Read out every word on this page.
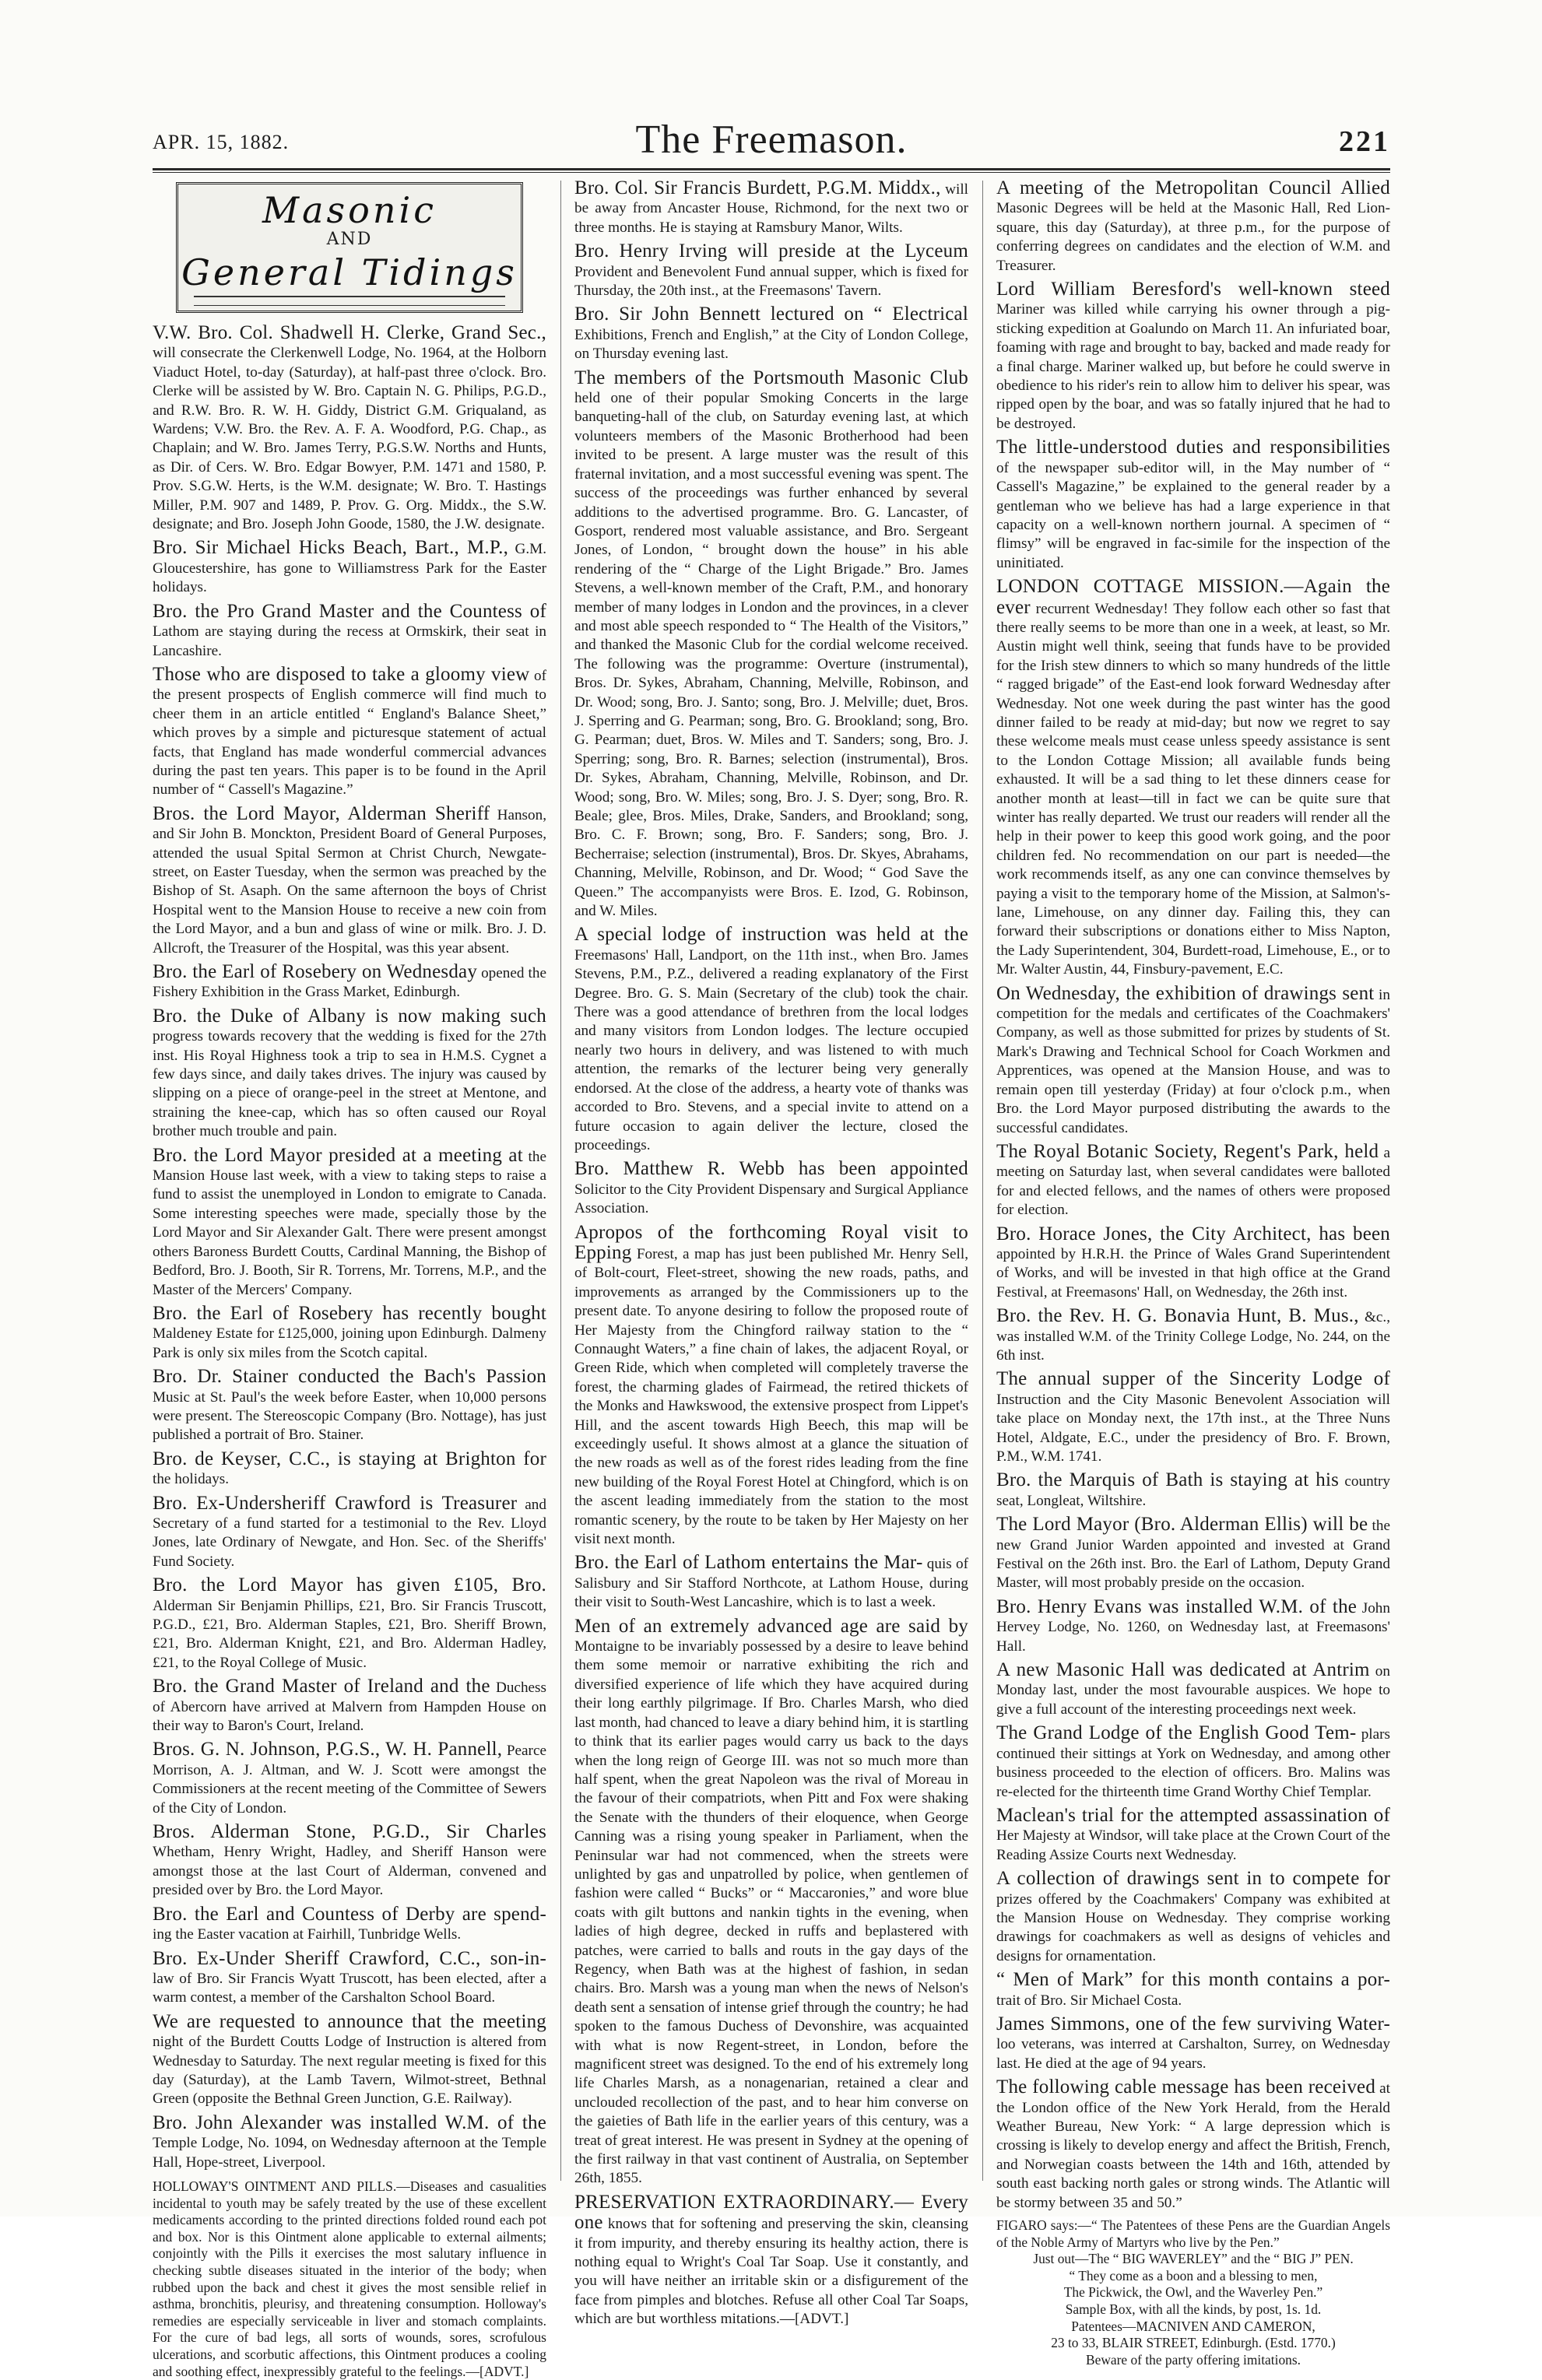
APR. 15, 1882.	The Freemason.	221
Masonic
AND
General Tidings

V.W. Bro. Col. Shadwell H. Clerke, Grand Sec., will consecrate the Clerkenwell Lodge, No. 1964, at the Holborn Viaduct Hotel, to-day (Saturday), at half-past three o'clock. Bro. Clerke will be assisted by W. Bro. Captain N. G. Philips, P.G.D., and R.W. Bro. R. W. H. Giddy, District G.M. Griqualand, as Wardens; V.W. Bro. the Rev. A. F. A. Woodford, P.G. Chap., as Chaplain; and W. Bro. James Terry, P.G.S.W. Norths and Hunts, as Dir. of Cers. W. Bro. Edgar Bowyer, P.M. 1471 and 1580, P. Prov. S.G.W. Herts, is the W.M. designate; W. Bro. T. Hastings Miller, P.M. 907 and 1489, P. Prov. G. Org. Middx., the S.W. designate; and Bro. Joseph John Goode, 1580, the J.W. designate.

Bro. Sir Michael Hicks Beach, Bart., M.P., G.M. Gloucestershire, has gone to Williamstress Park for the Easter holidays.

Bro. the Pro Grand Master and the Countess of Lathom are staying during the recess at Ormskirk, their seat in Lancashire.

Those who are disposed to take a gloomy view of the present prospects of English commerce will find much to cheer them in an article entitled “ England's Balance Sheet,” which proves by a simple and picturesque statement of actual facts, that England has made wonderful commercial advances during the past ten years. This paper is to be found in the April number of “ Cassell's Magazine.”

Bros. the Lord Mayor, Alderman Sheriff Hanson, and Sir John B. Monckton, President Board of General Purposes, attended the usual Spital Sermon at Christ Church, Newgate-street, on Easter Tuesday, when the sermon was preached by the Bishop of St. Asaph. On the same afternoon the boys of Christ Hospital went to the Mansion House to receive a new coin from the Lord Mayor, and a bun and glass of wine or milk. Bro. J. D. Allcroft, the Treasurer of the Hospital, was this year absent.

Bro. the Earl of Rosebery on Wednesday opened the Fishery Exhibition in the Grass Market, Edinburgh.

Bro. the Duke of Albany is now making such progress towards recovery that the wedding is fixed for the 27th inst. His Royal Highness took a trip to sea in H.M.S. Cygnet a few days since, and daily takes drives. The injury was caused by slipping on a piece of orange-peel in the street at Mentone, and straining the knee-cap, which has so often caused our Royal brother much trouble and pain.

Bro. the Lord Mayor presided at a meeting at the Mansion House last week, with a view to taking steps to raise a fund to assist the unemployed in London to emigrate to Canada. Some interesting speeches were made, specially those by the Lord Mayor and Sir Alexander Galt. There were present amongst others Baroness Burdett Coutts, Cardinal Manning, the Bishop of Bedford, Bro. J. Booth, Sir R. Torrens, Mr. Torrens, M.P., and the Master of the Mercers' Company.

Bro. the Earl of Rosebery has recently bought Maldeney Estate for £125,000, joining upon Edinburgh. Dalmeny Park is only six miles from the Scotch capital.

Bro. Dr. Stainer conducted the Bach's Passion Music at St. Paul's the week before Easter, when 10,000 persons were present. The Stereoscopic Company (Bro. Nottage), has just published a portrait of Bro. Stainer.

Bro. de Keyser, C.C., is staying at Brighton for the holidays.

Bro. Ex-Undersheriff Crawford is Treasurer and Secretary of a fund started for a testimonial to the Rev. Lloyd Jones, late Ordinary of Newgate, and Hon. Sec. of the Sheriffs' Fund Society.

Bro. the Lord Mayor has given £105, Bro. Alderman Sir Benjamin Phillips, £21, Bro. Sir Francis Truscott, P.G.D., £21, Bro. Alderman Staples, £21, Bro. Sheriff Brown, £21, Bro. Alderman Knight, £21, and Bro. Alderman Hadley, £21, to the Royal College of Music.

Bro. the Grand Master of Ireland and the Duchess of Abercorn have arrived at Malvern from Hampden House on their way to Baron's Court, Ireland.

Bros. G. N. Johnson, P.G.S., W. H. Pannell, Pearce Morrison, A. J. Altman, and W. J. Scott were amongst the Commissioners at the recent meeting of the Committee of Sewers of the City of London.

Bros. Alderman Stone, P.G.D., Sir Charles Whetham, Henry Wright, Hadley, and Sheriff Hanson were amongst those at the last Court of Alderman, convened and presided over by Bro. the Lord Mayor.

Bro. the Earl and Countess of Derby are spend- ing the Easter vacation at Fairhill, Tunbridge Wells.

Bro. Ex-Under Sheriff Crawford, C.C., son-in- law of Bro. Sir Francis Wyatt Truscott, has been elected, after a warm contest, a member of the Carshalton School Board.

We are requested to announce that the meeting night of the Burdett Coutts Lodge of Instruction is altered from Wednesday to Saturday. The next regular meeting is fixed for this day (Saturday), at the Lamb Tavern, Wilmot-street, Bethnal Green (opposite the Bethnal Green Junction, G.E. Railway).

Bro. John Alexander was installed W.M. of the Temple Lodge, No. 1094, on Wednesday afternoon at the Temple Hall, Hope-street, Liverpool.

HOLLOWAY'S OINTMENT AND PILLS.—Diseases and casualities incidental to youth may be safely treated by the use of these excellent medicaments according to the printed directions folded round each pot and box. Nor is this Ointment alone applicable to external ailments; conjointly with the Pills it exercises the most salutary influence in checking subtle diseases situated in the interior of the body; when rubbed upon the back and chest it gives the most sensible relief in asthma, bronchitis, pleurisy, and threatening consumption. Holloway's remedies are especially serviceable in liver and stomach complaints. For the cure of bad legs, all sorts of wounds, sores, scrofulous ulcerations, and scorbutic affections, this Ointment produces a cooling and soothing effect, inexpressibly grateful to the feelings.—[ADVT.]

Bro. Col. Sir Francis Burdett, P.G.M. Middx., will be away from Ancaster House, Richmond, for the next two or three months. He is staying at Ramsbury Manor, Wilts.

Bro. Henry Irving will preside at the Lyceum Provident and Benevolent Fund annual supper, which is fixed for Thursday, the 20th inst., at the Freemasons' Tavern.

Bro. Sir John Bennett lectured on “ Electrical Exhibitions, French and English,” at the City of London College, on Thursday evening last.

The members of the Portsmouth Masonic Club held one of their popular Smoking Concerts in the large banqueting-hall of the club, on Saturday evening last, at which volunteers members of the Masonic Brotherhood had been invited to be present. A large muster was the result of this fraternal invitation, and a most successful evening was spent. The success of the proceedings was further enhanced by several additions to the advertised programme. Bro. G. Lancaster, of Gosport, rendered most valuable assistance, and Bro. Sergeant Jones, of London, “ brought down the house” in his able rendering of the “ Charge of the Light Brigade.” Bro. James Stevens, a well-known member of the Craft, P.M., and honorary member of many lodges in London and the provinces, in a clever and most able speech responded to “ The Health of the Visitors,” and thanked the Masonic Club for the cordial welcome received. The following was the programme: Overture (instrumental), Bros. Dr. Sykes, Abraham, Channing, Melville, Robinson, and Dr. Wood; song, Bro. J. Santo; song, Bro. J. Melville; duet, Bros. J. Sperring and G. Pearman; song, Bro. G. Brookland; song, Bro. G. Pearman; duet, Bros. W. Miles and T. Sanders; song, Bro. J. Sperring; song, Bro. R. Barnes; selection (instrumental), Bros. Dr. Sykes, Abraham, Channing, Melville, Robinson, and Dr. Wood; song, Bro. W. Miles; song, Bro. J. S. Dyer; song, Bro. R. Beale; glee, Bros. Miles, Drake, Sanders, and Brookland; song, Bro. C. F. Brown; song, Bro. F. Sanders; song, Bro. J. Becherraise; selection (instrumental), Bros. Dr. Skyes, Abrahams, Channing, Melville, Robinson, and Dr. Wood; “ God Save the Queen.” The accompanyists were Bros. E. Izod, G. Robinson, and W. Miles.

A special lodge of instruction was held at the Freemasons' Hall, Landport, on the 11th inst., when Bro. James Stevens, P.M., P.Z., delivered a reading explanatory of the First Degree. Bro. G. S. Main (Secretary of the club) took the chair. There was a good attendance of brethren from the local lodges and many visitors from London lodges. The lecture occupied nearly two hours in delivery, and was listened to with much attention, the remarks of the lecturer being very generally endorsed. At the close of the address, a hearty vote of thanks was accorded to Bro. Stevens, and a special invite to attend on a future occasion to again deliver the lecture, closed the proceedings.

Bro. Matthew R. Webb has been appointed Solicitor to the City Provident Dispensary and Surgical Appliance Association.

Apropos of the forthcoming Royal visit to Epping Forest, a map has just been published Mr. Henry Sell, of Bolt-court, Fleet-street, showing the new roads, paths, and improvements as arranged by the Commissioners up to the present date. To anyone desiring to follow the proposed route of Her Majesty from the Chingford railway station to the “ Connaught Waters,” a fine chain of lakes, the adjacent Royal, or Green Ride, which when completed will completely traverse the forest, the charming glades of Fairmead, the retired thickets of the Monks and Hawkswood, the extensive prospect from Lippet's Hill, and the ascent towards High Beech, this map will be exceedingly useful. It shows almost at a glance the situation of the new roads as well as of the forest rides leading from the fine new building of the Royal Forest Hotel at Chingford, which is on the ascent leading immediately from the station to the most romantic scenery, by the route to be taken by Her Majesty on her visit next month.

Bro. the Earl of Lathom entertains the Mar- quis of Salisbury and Sir Stafford Northcote, at Lathom House, during their visit to South-West Lancashire, which is to last a week.

Men of an extremely advanced age are said by Montaigne to be invariably possessed by a desire to leave behind them some memoir or narrative exhibiting the rich and diversified experience of life which they have acquired during their long earthly pilgrimage. If Bro. Charles Marsh, who died last month, had chanced to leave a diary behind him, it is startling to think that its earlier pages would carry us back to the days when the long reign of George III. was not so much more than half spent, when the great Napoleon was the rival of Moreau in the favour of their compatriots, when Pitt and Fox were shaking the Senate with the thunders of their eloquence, when George Canning was a rising young speaker in Parliament, when the Peninsular war had not commenced, when the streets were unlighted by gas and unpatrolled by police, when gentlemen of fashion were called “ Bucks” or “ Maccaronies,” and wore blue coats with gilt buttons and nankin tights in the evening, when ladies of high degree, decked in ruffs and beplastered with patches, were carried to balls and routs in the gay days of the Regency, when Bath was at the highest of fashion, in sedan chairs. Bro. Marsh was a young man when the news of Nelson's death sent a sensation of intense grief through the country; he had spoken to the famous Duchess of Devonshire, was acquainted with what is now Regent-street, in London, before the magnificent street was designed. To the end of his extremely long life Charles Marsh, as a nonagenarian, retained a clear and unclouded recollection of the past, and to hear him converse on the gaieties of Bath life in the earlier years of this century, was a treat of great interest. He was present in Sydney at the opening of the first railway in that vast continent of Australia, on September 26th, 1855.

PRESERVATION EXTRAORDINARY.— Every one knows that for softening and preserving the skin, cleansing it from impurity, and thereby ensuring its healthy action, there is nothing equal to Wright's Coal Tar Soap. Use it constantly, and you will have neither an irritable skin or a disfigurement of the face from pimples and blotches. Refuse all other Coal Tar Soaps, which are but worthless mitations.—[ADVT.]

A meeting of the Metropolitan Council Allied Masonic Degrees will be held at the Masonic Hall, Red Lion-square, this day (Saturday), at three p.m., for the purpose of conferring degrees on candidates and the election of W.M. and Treasurer.

Lord William Beresford's well-known steed Mariner was killed while carrying his owner through a pig-sticking expedition at Goalundo on March 11. An infuriated boar, foaming with rage and brought to bay, backed and made ready for a final charge. Mariner walked up, but before he could swerve in obedience to his rider's rein to allow him to deliver his spear, was ripped open by the boar, and was so fatally injured that he had to be destroyed.

The little-understood duties and responsibilities of the newspaper sub-editor will, in the May number of “ Cassell's Magazine,” be explained to the general reader by a gentleman who we believe has had a large experience in that capacity on a well-known northern journal. A specimen of “ flimsy” will be engraved in fac-simile for the inspection of the uninitiated.

LONDON COTTAGE MISSION.—Again the ever recurrent Wednesday! They follow each other so fast that there really seems to be more than one in a week, at least, so Mr. Austin might well think, seeing that funds have to be provided for the Irish stew dinners to which so many hundreds of the little “ ragged brigade” of the East-end look forward Wednesday after Wednesday. Not one week during the past winter has the good dinner failed to be ready at mid-day; but now we regret to say these welcome meals must cease unless speedy assistance is sent to the London Cottage Mission; all available funds being exhausted. It will be a sad thing to let these dinners cease for another month at least—till in fact we can be quite sure that winter has really departed. We trust our readers will render all the help in their power to keep this good work going, and the poor children fed. No recommendation on our part is needed—the work recommends itself, as any one can convince themselves by paying a visit to the temporary home of the Mission, at Salmon's-lane, Limehouse, on any dinner day. Failing this, they can forward their subscriptions or donations either to Miss Napton, the Lady Superintendent, 304, Burdett-road, Limehouse, E., or to Mr. Walter Austin, 44, Finsbury-pavement, E.C.

On Wednesday, the exhibition of drawings sent in competition for the medals and certificates of the Coachmakers' Company, as well as those submitted for prizes by students of St. Mark's Drawing and Technical School for Coach Workmen and Apprentices, was opened at the Mansion House, and was to remain open till yesterday (Friday) at four o'clock p.m., when Bro. the Lord Mayor purposed distributing the awards to the successful candidates.

The Royal Botanic Society, Regent's Park, held a meeting on Saturday last, when several candidates were balloted for and elected fellows, and the names of others were proposed for election.

Bro. Horace Jones, the City Architect, has been appointed by H.R.H. the Prince of Wales Grand Superintendent of Works, and will be invested in that high office at the Grand Festival, at Freemasons' Hall, on Wednesday, the 26th inst.

Bro. the Rev. H. G. Bonavia Hunt, B. Mus., &c., was installed W.M. of the Trinity College Lodge, No. 244, on the 6th inst.

The annual supper of the Sincerity Lodge of Instruction and the City Masonic Benevolent Association will take place on Monday next, the 17th inst., at the Three Nuns Hotel, Aldgate, E.C., under the presidency of Bro. F. Brown, P.M., W.M. 1741.

Bro. the Marquis of Bath is staying at his country seat, Longleat, Wiltshire.

The Lord Mayor (Bro. Alderman Ellis) will be the new Grand Junior Warden appointed and invested at Grand Festival on the 26th inst. Bro. the Earl of Lathom, Deputy Grand Master, will most probably preside on the occasion.

Bro. Henry Evans was installed W.M. of the John Hervey Lodge, No. 1260, on Wednesday last, at Freemasons' Hall.

A new Masonic Hall was dedicated at Antrim on Monday last, under the most favourable auspices. We hope to give a full account of the interesting proceedings next week.

The Grand Lodge of the English Good Tem- plars continued their sittings at York on Wednesday, and among other business proceeded to the election of officers. Bro. Malins was re-elected for the thirteenth time Grand Worthy Chief Templar.

Maclean's trial for the attempted assassination of Her Majesty at Windsor, will take place at the Crown Court of the Reading Assize Courts next Wednesday.

A collection of drawings sent in to compete for prizes offered by the Coachmakers' Company was exhibited at the Mansion House on Wednesday. They comprise working drawings for coachmakers as well as designs of vehicles and designs for ornamentation.

“ Men of Mark” for this month contains a por- trait of Bro. Sir Michael Costa.

James Simmons, one of the few surviving Water- loo veterans, was interred at Carshalton, Surrey, on Wednesday last. He died at the age of 94 years.

The following cable message has been received at the London office of the New York Herald, from the Herald Weather Bureau, New York: “ A large depression which is crossing is likely to develop energy and affect the British, French, and Norwegian coasts between the 14th and 16th, attended by south east backing north gales or strong winds. The Atlantic will be stormy between 35 and 50.”

FIGARO says:—“ The Patentees of these Pens are the Guardian Angels of the Noble Army of Martyrs who live by the Pen.”
Just out—The “ BIG WAVERLEY” and the “ BIG J” PEN.
“ They come as a boon and a blessing to men,
The Pickwick, the Owl, and the Waverley Pen.”
Sample Box, with all the kinds, by post, 1s. 1d.
Patentees—MACNIVEN AND CAMERON,
23 to 33, BLAIR STREET, Edinburgh. (Estd. 1770.)
Beware of the party offering imitations.
